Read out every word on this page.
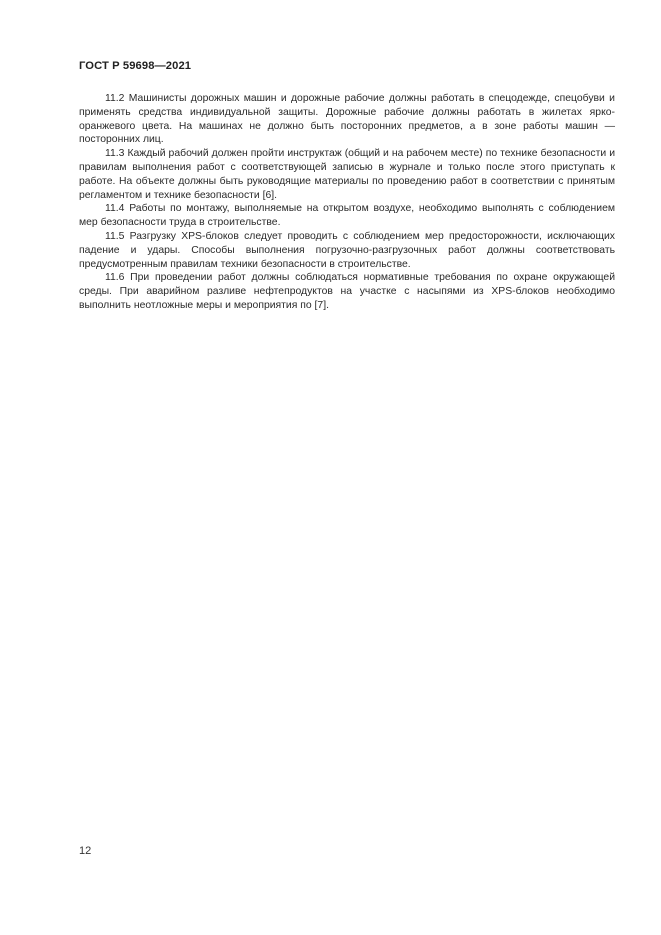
ГОСТ Р 59698—2021

11.2 Машинисты дорожных машин и дорожные рабочие должны работать в спецодежде, спецобуви и применять средства индивидуальной защиты. Дорожные рабочие должны работать в жилетах ярко-оранжевого цвета. На машинах не должно быть посторонних предметов, а в зоне работы машин — посторонних лиц.

11.3 Каждый рабочий должен пройти инструктаж (общий и на рабочем месте) по технике безопасности и правилам выполнения работ с соответствующей записью в журнале и только после этого приступать к работе. На объекте должны быть руководящие материалы по проведению работ в соответствии с принятым регламентом и технике безопасности [6].

11.4 Работы по монтажу, выполняемые на открытом воздухе, необходимо выполнять с соблюдением мер безопасности труда в строительстве.

11.5 Разгрузку XPS-блоков следует проводить с соблюдением мер предосторожности, исключающих падение и удары. Способы выполнения погрузочно-разгрузочных работ должны соответствовать предусмотренным правилам техники безопасности в строительстве.

11.6 При проведении работ должны соблюдаться нормативные требования по охране окружающей среды. При аварийном разливе нефтепродуктов на участке с насыпями из XPS-блоков необходимо выполнить неотложные меры и мероприятия по [7].

12
